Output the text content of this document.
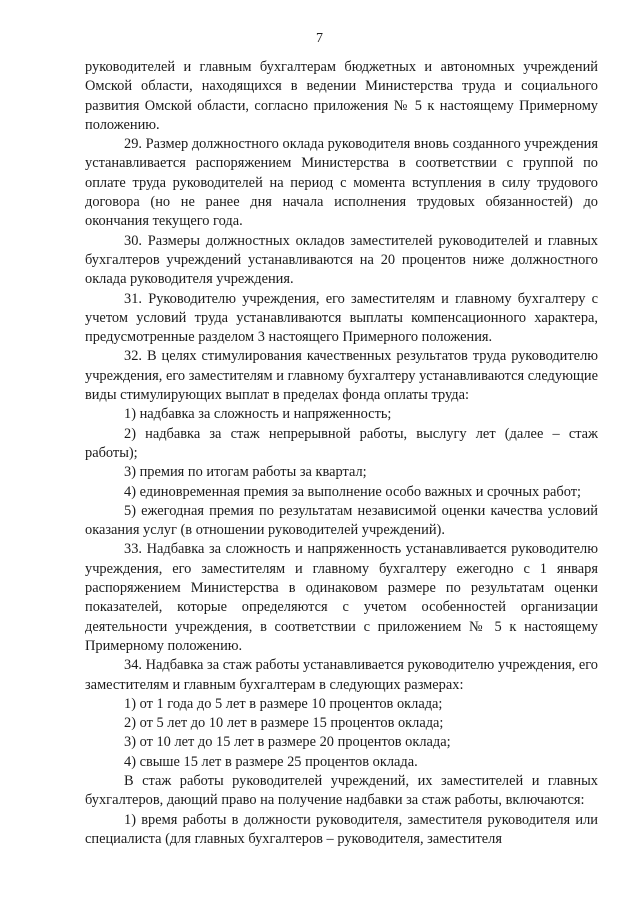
7

руководителей и главным бухгалтерам бюджетных и автономных учреждений Омской области, находящихся в ведении Министерства труда и социального развития Омской области, согласно приложения № 5 к настоящему Примерному положению.

29. Размер должностного оклада руководителя вновь созданного учреждения устанавливается распоряжением Министерства в соответствии с группой по оплате труда руководителей на период с момента вступления в силу трудового договора (но не ранее дня начала исполнения трудовых обязанностей) до окончания текущего года.

30. Размеры должностных окладов заместителей руководителей и главных бухгалтеров учреждений устанавливаются на 20 процентов ниже должностного оклада руководителя учреждения.

31. Руководителю учреждения, его заместителям и главному бухгалтеру с учетом условий труда устанавливаются выплаты компенсационного характера, предусмотренные разделом 3 настоящего Примерного положения.

32. В целях стимулирования качественных результатов труда руководителю учреждения, его заместителям и главному бухгалтеру устанавливаются следующие виды стимулирующих выплат в пределах фонда оплаты труда:

1) надбавка за сложность и напряженность;

2) надбавка за стаж непрерывной работы, выслугу лет (далее – стаж работы);

3) премия по итогам работы за квартал;

4) единовременная премия за выполнение особо важных и срочных работ;

5) ежегодная премия по результатам независимой оценки качества условий оказания услуг (в отношении руководителей учреждений).

33. Надбавка за сложность и напряженность устанавливается руководителю учреждения, его заместителям и главному бухгалтеру ежегодно с 1 января распоряжением Министерства в одинаковом размере по результатам оценки показателей, которые определяются с учетом особенностей организации деятельности учреждения, в соответствии с приложением № 5 к настоящему Примерному положению.

34. Надбавка за стаж работы устанавливается руководителю учреждения, его заместителям и главным бухгалтерам в следующих размерах:

1) от 1 года до 5 лет в размере 10 процентов оклада;

2) от 5 лет до 10 лет в размере 15 процентов оклада;

3) от 10 лет до 15 лет в размере 20 процентов оклада;

4) свыше 15 лет в размере 25 процентов оклада.

В стаж работы руководителей учреждений, их заместителей и главных бухгалтеров, дающий право на получение надбавки за стаж работы, включаются:

1) время работы в должности руководителя, заместителя руководителя или специалиста (для главных бухгалтеров – руководителя, заместителя
